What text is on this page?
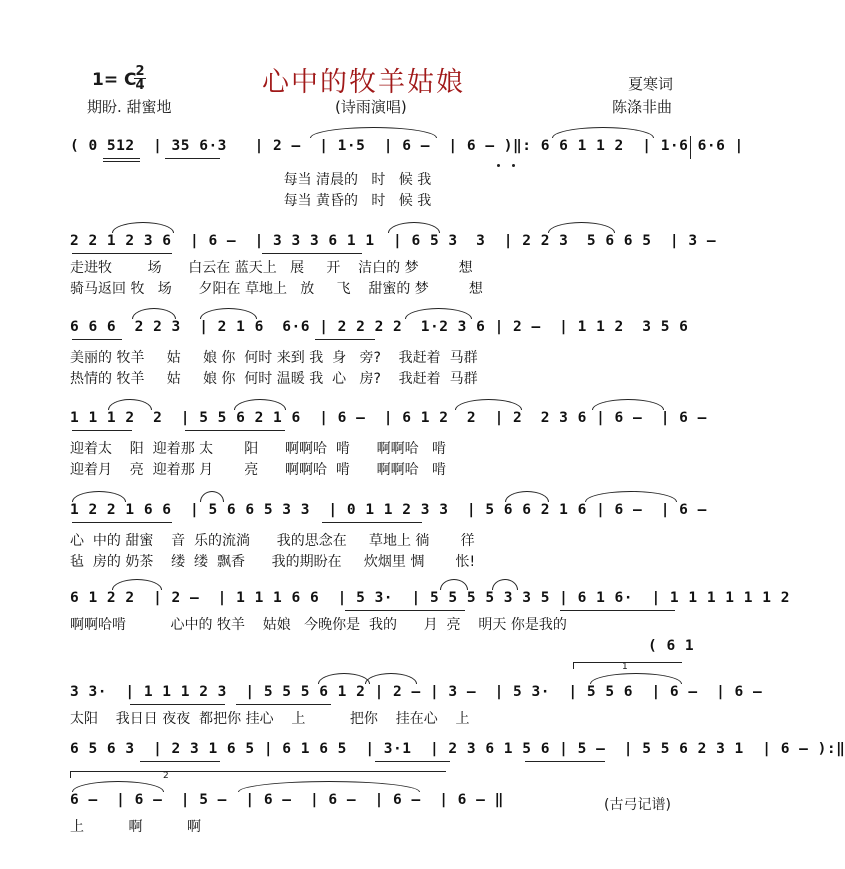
1= C 2
4	心中的牧羊姑娘
(诗雨演唱)
夏寒词
陈涤非曲
期盼. 甜蜜地
( 0 512  | 35 6·3   | 2 –  | 1·5  | 6 –  | 6 – )‖: 6 6 1 1 2  | 1·6 6·6 |
每当 清晨的   时   候 我
每当 黄昏的   时   候 我
2 2 1 2 3 6  | 6 –  | 3 3 3 6 1 1  | 6 5 3  3  | 2 2 3  5 6 6 5  | 3 –
走进牧        场      白云在 蓝天上   展     开    洁白的 梦         想
骑马返回 牧   场      夕阳在 草地上   放     飞    甜蜜的 梦         想
6 6 6  2 2 3  | 2 1 6  6·6 | 2 2 2 2  1·2 3 6 | 2 –  | 1 1 2  3 5 6
美丽的 牧羊     姑     娘 你  何时 来到 我  身   旁?    我赶着  马群
热情的 牧羊     姑     娘 你  何时 温暖 我  心   房?    我赶着  马群
1 1 1 2  2  | 5 5 6 2 1 6  | 6 –  | 6 1 2  2  | 2  2 3 6 | 6 –  | 6 –
迎着太    阳  迎着那 太       阳      啊啊哈  啃      啊啊哈   啃
迎着月    亮  迎着那 月       亮      啊啊哈  啃      啊啊哈   啃
1 2 2 1 6 6  | 5 6 6 5 3 3  | 0 1 1 2 3 3  | 5 6 6 2 1 6 | 6 –  | 6 –
心  中的 甜蜜    音  乐的流淌      我的思念在     草地上 徜       徉
毡  房的 奶茶    缕  缕  飘香      我的期盼在     炊烟里 惆       怅!
6 1 2 2  | 2 –  | 1 1 1 6 6  | 5 3·  | 5 5 5 5 3 3 5 | 6 1 6·  | 1 1 1 1 1 1 2
啊啊哈啃          心中的 牧羊    姑娘   今晚你是  我的      月  亮    明天 你是我的
( 6 1
1
3 3·  | 1 1 1 2 3  | 5 5 5 6 1 2 | 2 – | 3 –  | 5 3·  | 5 5 6  | 6 –  | 6 –
太阳    我日日 夜夜  都把你 挂心    上          把你    挂在心    上
6 5 6 3  | 2 3 1 6 5 | 6 1 6 5  | 3·1  | 2 3 6 1 5 6 | 5 –  | 5 5 6 2 3 1  | 6 – ):‖
2
6 –  | 6 –  | 5 –  | 6 –  | 6 –  | 6 –  | 6 – ‖
上          啊          啊
(古弓记谱)
